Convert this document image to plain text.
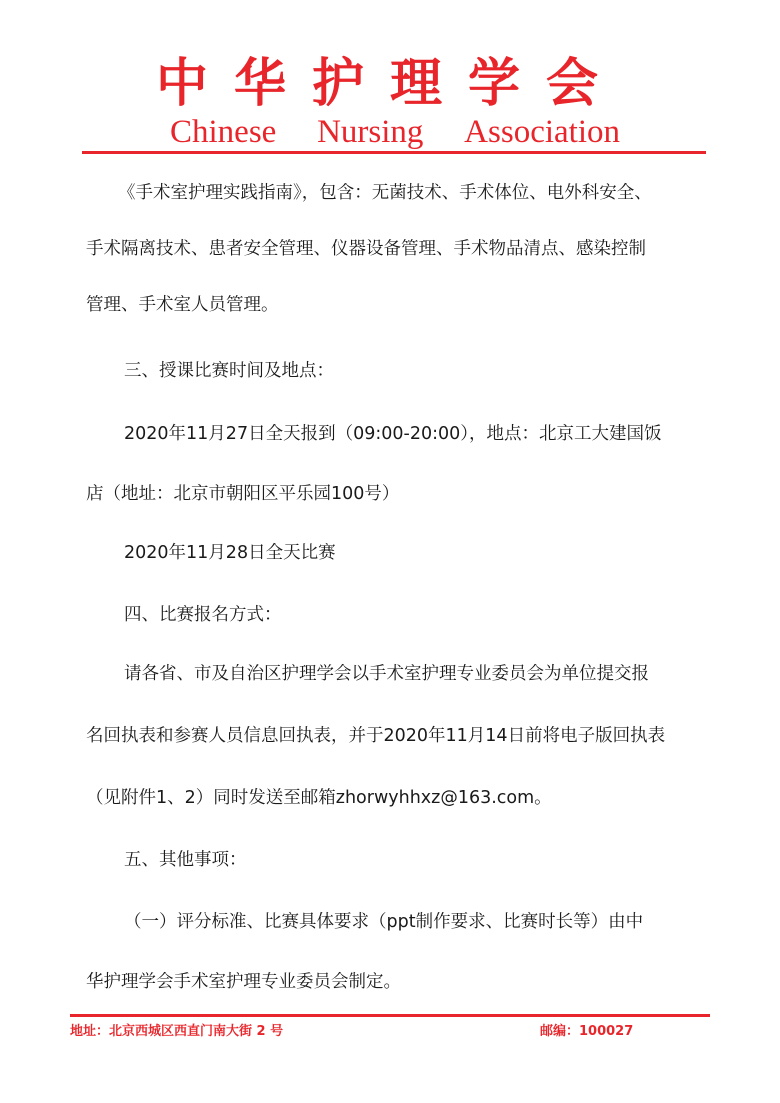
中华护理学会
Chinese Nursing Association
《手术室护理实践指南》，包含：无菌技术、手术体位、电外科安全、
手术隔离技术、患者安全管理、仪器设备管理、手术物品清点、感染控制
管理、手术室人员管理。
三、授课比赛时间及地点：
2020年11月27日全天报到（09:00-20:00），地点：北京工大建国饭
店（地址：北京市朝阳区平乐园100号）
2020年11月28日全天比赛
四、比赛报名方式：
请各省、市及自治区护理学会以手术室护理专业委员会为单位提交报
名回执表和参赛人员信息回执表，并于2020年11月14日前将电子版回执表
（见附件1、2）同时发送至邮箱zhorwyhhxz@163.com。
五、其他事项：
（一）评分标准、比赛具体要求（ppt制作要求、比赛时长等）由中
华护理学会手术室护理专业委员会制定。
地址：北京西城区西直门南大街 2 号	邮编：100027
